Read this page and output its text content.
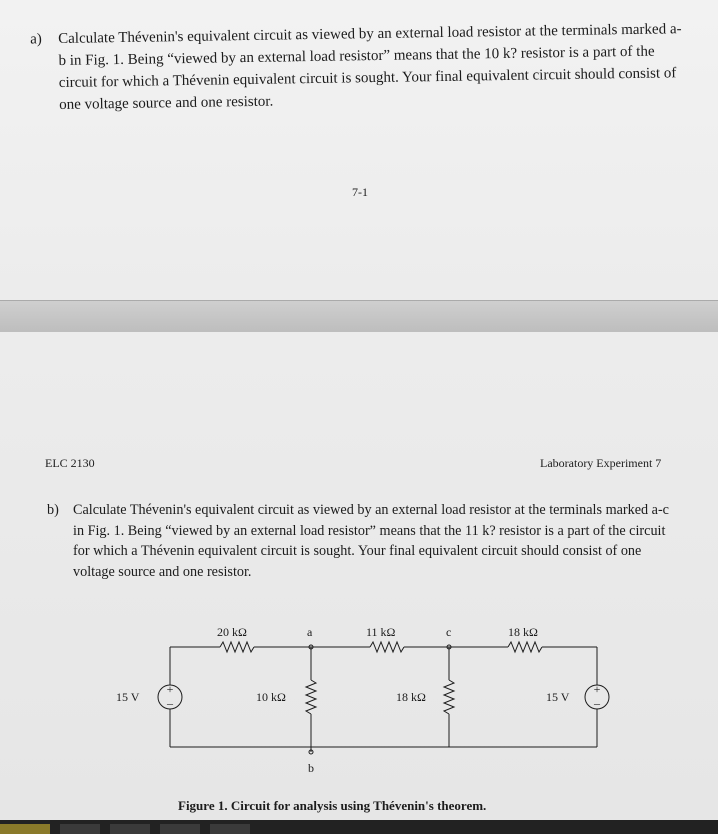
a) Calculate Thévenin's equivalent circuit as viewed by an external load resistor at the terminals marked a-b in Fig. 1. Being “viewed by an external load resistor” means that the 10 k? resistor is a part of the circuit for which a Thévenin equivalent circuit is sought. Your final equivalent circuit should consist of one voltage source and one resistor.
7-1
ELC 2130	Laboratory Experiment 7
b) Calculate Thévenin's equivalent circuit as viewed by an external load resistor at the terminals marked a-c in Fig. 1. Being “viewed by an external load resistor” means that the 11 k? resistor is a part of the circuit for which a Thévenin equivalent circuit is sought. Your final equivalent circuit should consist of one voltage source and one resistor.
+
–
+
–
20 kΩ	11 kΩ	18 kΩ
a	c
b
15 V	10 kΩ	18 kΩ	15 V
Figure 1. Circuit for analysis using Thévenin's theorem.
